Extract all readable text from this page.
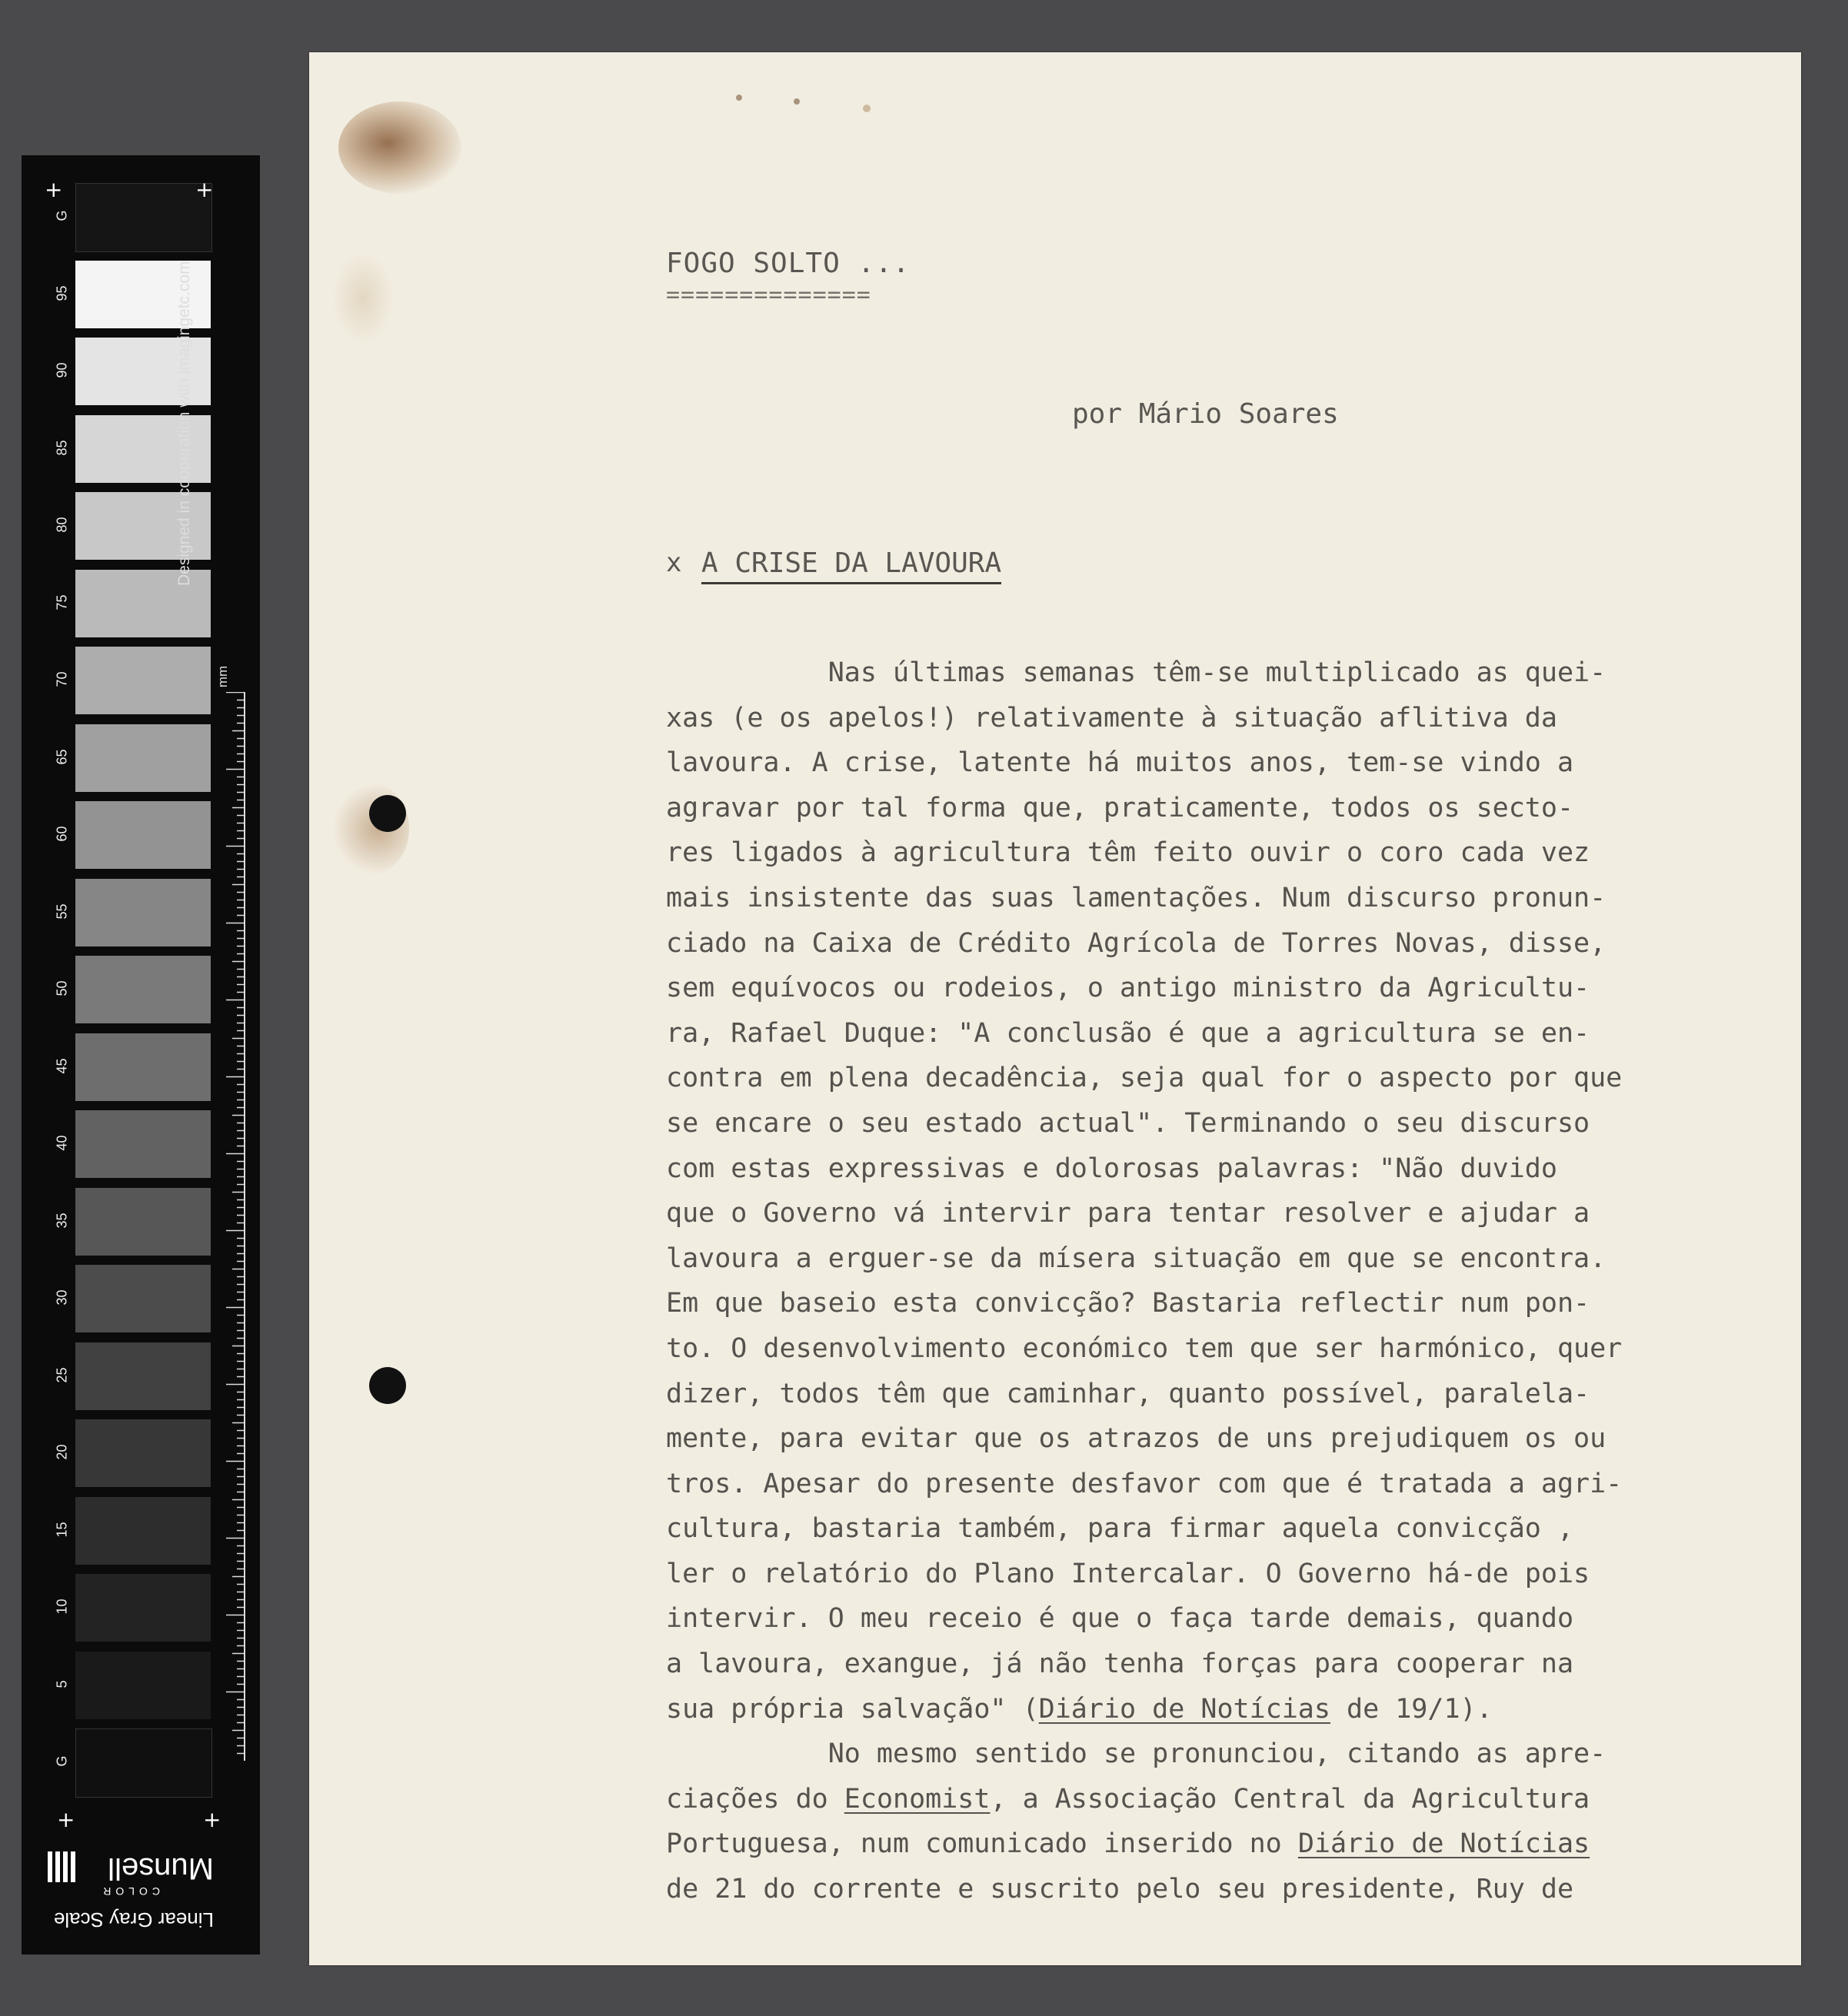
G
95
90
85
80
75
70
65
60
55
50
45
40
35
30
25
20
15
10
5
G
+	+
+	+
Designed in cooperation with imagingetc.com
mm
Linear Gray Scale
COLOR
Munsell

FOGO SOLTO ...

==============

por Mário Soares

x A CRISE DA LAVOURA

Nas últimas semanas têm-se multiplicado as quei-
xas (e os apelos!) relativamente à situação aflitiva da
lavoura. A crise, latente há muitos anos, tem-se vindo a
agravar por tal forma que, praticamente, todos os secto-
res ligados à agricultura têm feito ouvir o coro cada vez
mais insistente das suas lamentações. Num discurso pronun-
ciado na Caixa de Crédito Agrícola de Torres Novas, disse,
sem equívocos ou rodeios, o antigo ministro da Agricultu-
ra, Rafael Duque: "A conclusão é que a agricultura se en-
contra em plena decadência, seja qual for o aspecto por que
se encare o seu estado actual". Terminando o seu discurso
com estas expressivas e dolorosas palavras: "Não duvido
que o Governo vá intervir para tentar resolver e ajudar a
lavoura a erguer-se da mísera situação em que se encontra.
Em que baseio esta convicção? Bastaria reflectir num pon-
to. O desenvolvimento económico tem que ser harmónico, quer
dizer, todos têm que caminhar, quanto possível, paralela-
mente, para evitar que os atrazos de uns prejudiquem os ou
tros. Apesar do presente desfavor com que é tratada a agri-
cultura, bastaria também, para firmar aquela convicção ,
ler o relatório do Plano Intercalar. O Governo há-de pois
intervir. O meu receio é que o faça tarde demais, quando
a lavoura, exangue, já não tenha forças para cooperar na
sua própria salvação" (Diário de Notícias de 19/1).
No mesmo sentido se pronunciou, citando as apre-
ciações do Economist, a Associação Central da Agricultura
Portuguesa, num comunicado inserido no Diário de Notícias
de 21 do corrente e suscrito pelo seu presidente, Ruy de
